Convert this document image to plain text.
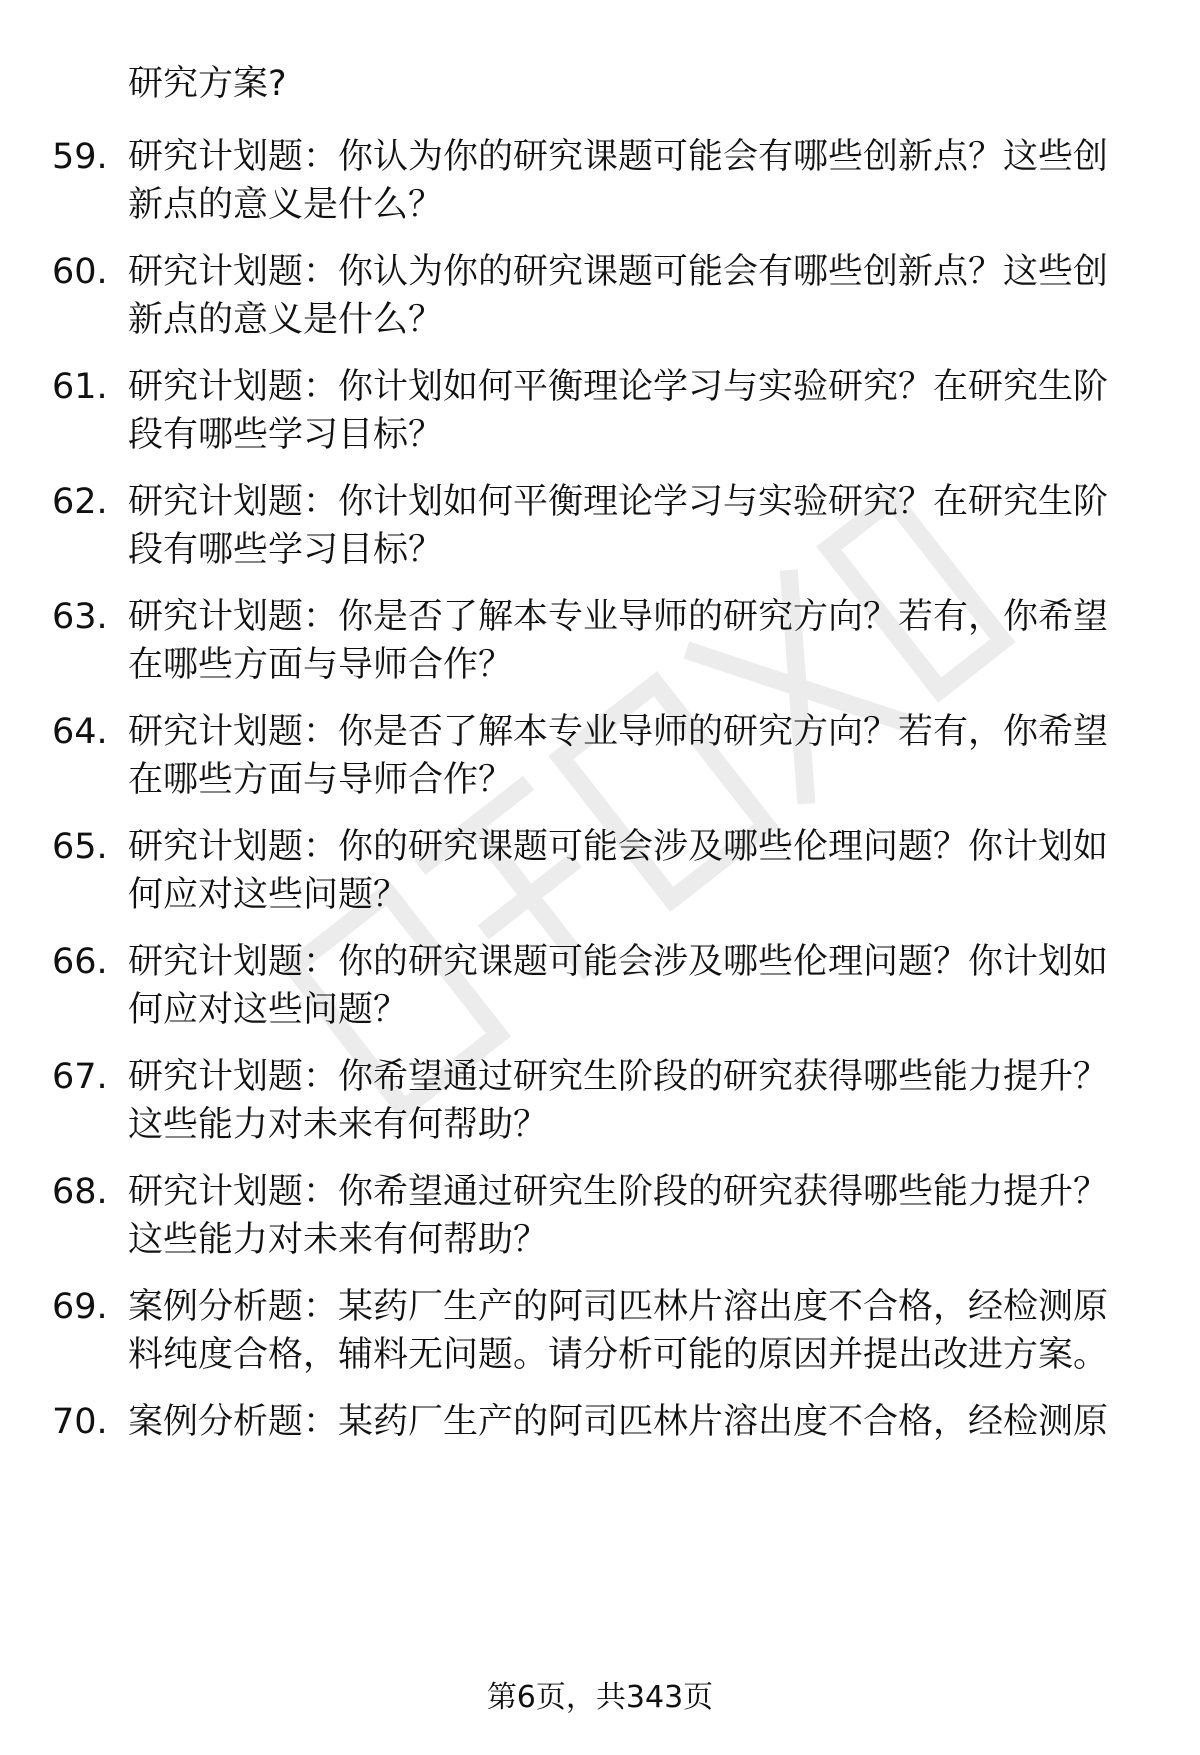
研究方案?
59. 研究计划题：你认为你的研究课题可能会有哪些创新点？这些创
新点的意义是什么？
60. 研究计划题：你认为你的研究课题可能会有哪些创新点？这些创
新点的意义是什么？
61. 研究计划题：你计划如何平衡理论学习与实验研究？在研究生阶
段有哪些学习目标？
62. 研究计划题：你计划如何平衡理论学习与实验研究？在研究生阶
段有哪些学习目标？
63. 研究计划题：你是否了解本专业导师的研究方向？若有，你希望
在哪些方面与导师合作？
64. 研究计划题：你是否了解本专业导师的研究方向？若有，你希望
在哪些方面与导师合作？
65. 研究计划题：你的研究课题可能会涉及哪些伦理问题？你计划如
何应对这些问题？
66. 研究计划题：你的研究课题可能会涉及哪些伦理问题？你计划如
何应对这些问题？
67. 研究计划题：你希望通过研究生阶段的研究获得哪些能力提升？
这些能力对未来有何帮助？
68. 研究计划题：你希望通过研究生阶段的研究获得哪些能力提升？
这些能力对未来有何帮助？
69. 案例分析题：某药厂生产的阿司匹林片溶出度不合格，经检测原
料纯度合格，辅料无问题。请分析可能的原因并提出改进方案。
70. 案例分析题：某药厂生产的阿司匹林片溶出度不合格，经检测原
第6页，共343页
